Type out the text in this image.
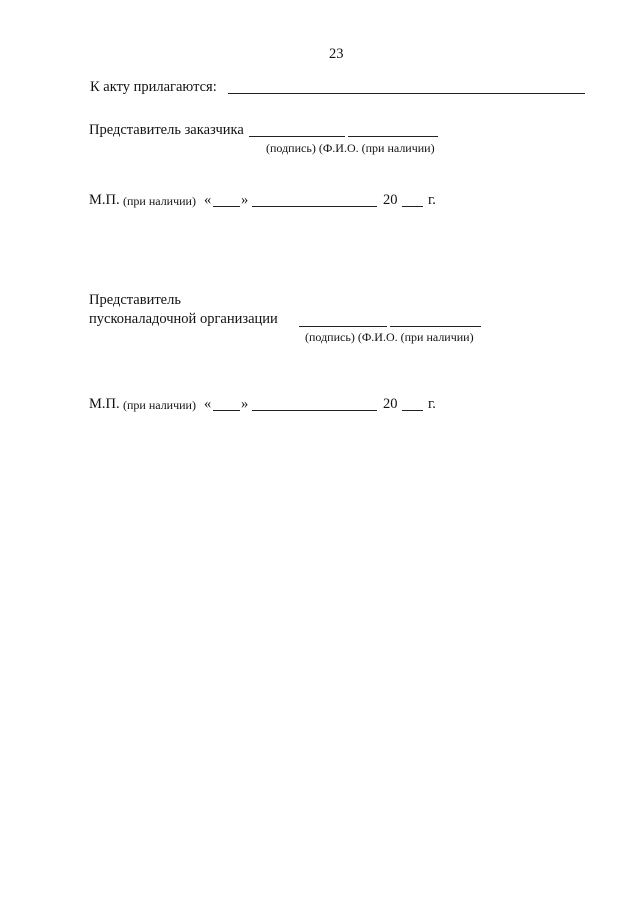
23
К акту прилагаются:
Представитель заказчика
(подпись) (Ф.И.О. (при наличии)
М.П. (при наличии) « »	20 г.
Представитель
пусконаладочной организации
(подпись) (Ф.И.О. (при наличии)
М.П. (при наличии) « »	20 г.
